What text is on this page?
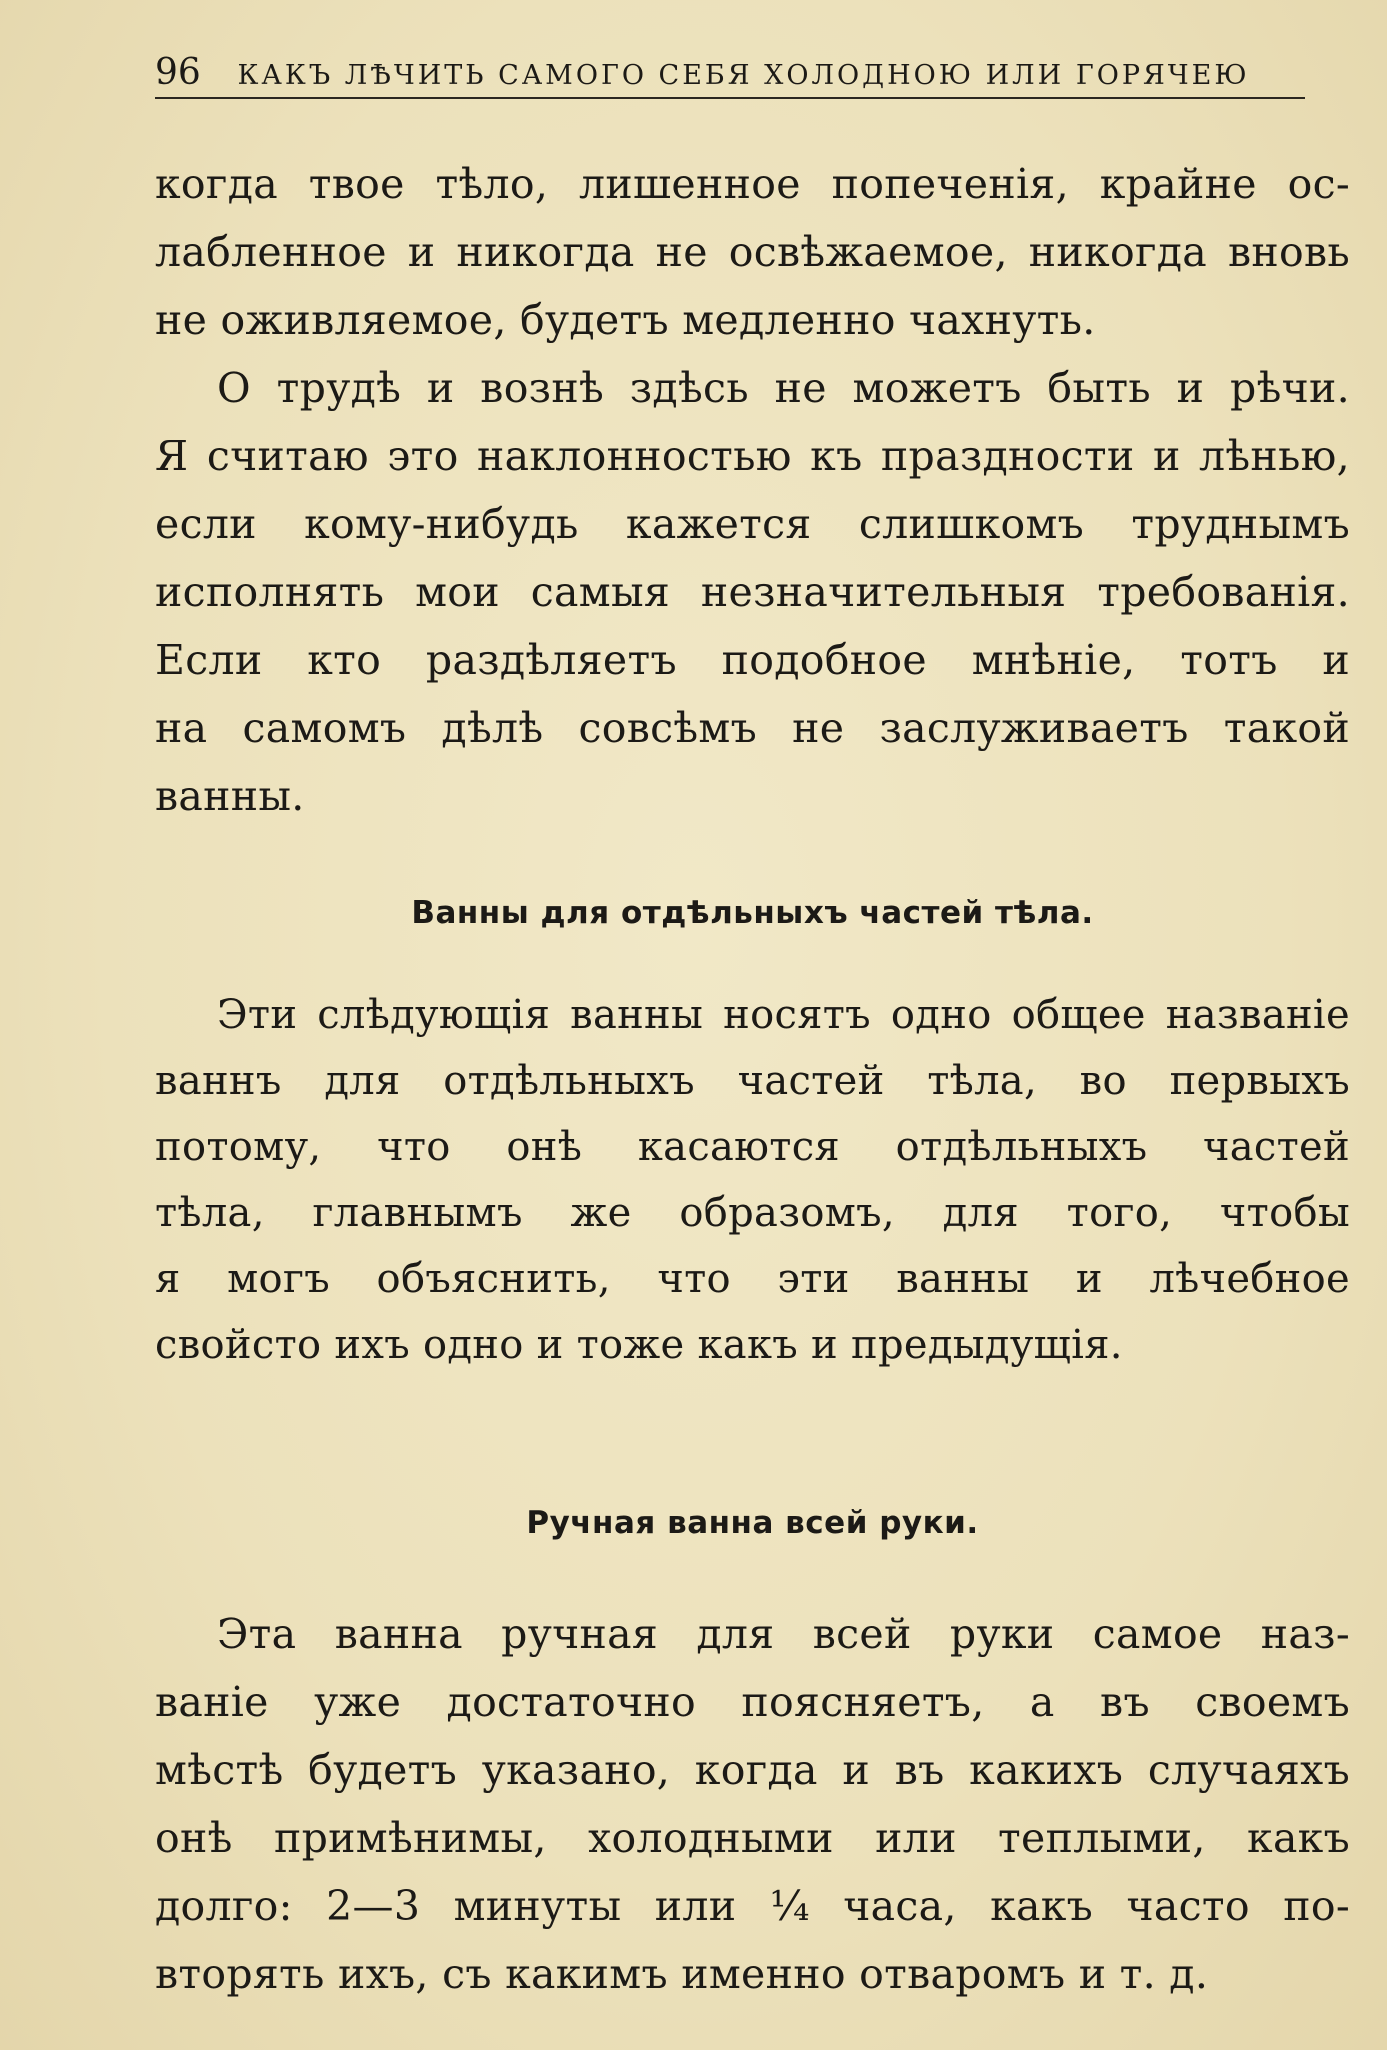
96 КАКЪ ЛѢЧИТЬ САМОГО СЕБЯ ХОЛОДНОЮ ИЛИ ГОРЯЧЕЮ
когда твое тѣло, лишенное попеченія, крайне ос-
лабленное и никогда не освѣжаемое, никогда вновь
не оживляемое, будетъ медленно чахнуть.
О трудѣ и вознѣ здѣсь не можетъ быть и рѣчи.
Я считаю это наклонностью къ праздности и лѣнью,
если кому-нибудь кажется слишкомъ труднымъ
исполнять мои самыя незначительныя требованія.
Если кто раздѣляетъ подобное мнѣніе, тотъ и
на самомъ дѣлѣ совсѣмъ не заслуживаетъ такой
ванны.
Ванны для отдѣльныхъ частей тѣла.
Эти слѣдующія ванны носятъ одно общее названіе
ваннъ для отдѣльныхъ частей тѣла, во первыхъ
потому, что онѣ касаются отдѣльныхъ частей
тѣла, главнымъ же образомъ, для того, чтобы
я могъ объяснить, что эти ванны и лѣчебное
свойсто ихъ одно и тоже какъ и предыдущія.
Ручная ванна всей руки.
Эта ванна ручная для всей руки самое наз-
ваніе уже достаточно поясняетъ, а въ своемъ
мѣстѣ будетъ указано, когда и въ какихъ случаяхъ
онѣ примѣнимы, холодными или теплыми, какъ
долго: 2—3 минуты или ¼ часа, какъ часто по-
вторять ихъ, съ какимъ именно отваромъ и т. д.
